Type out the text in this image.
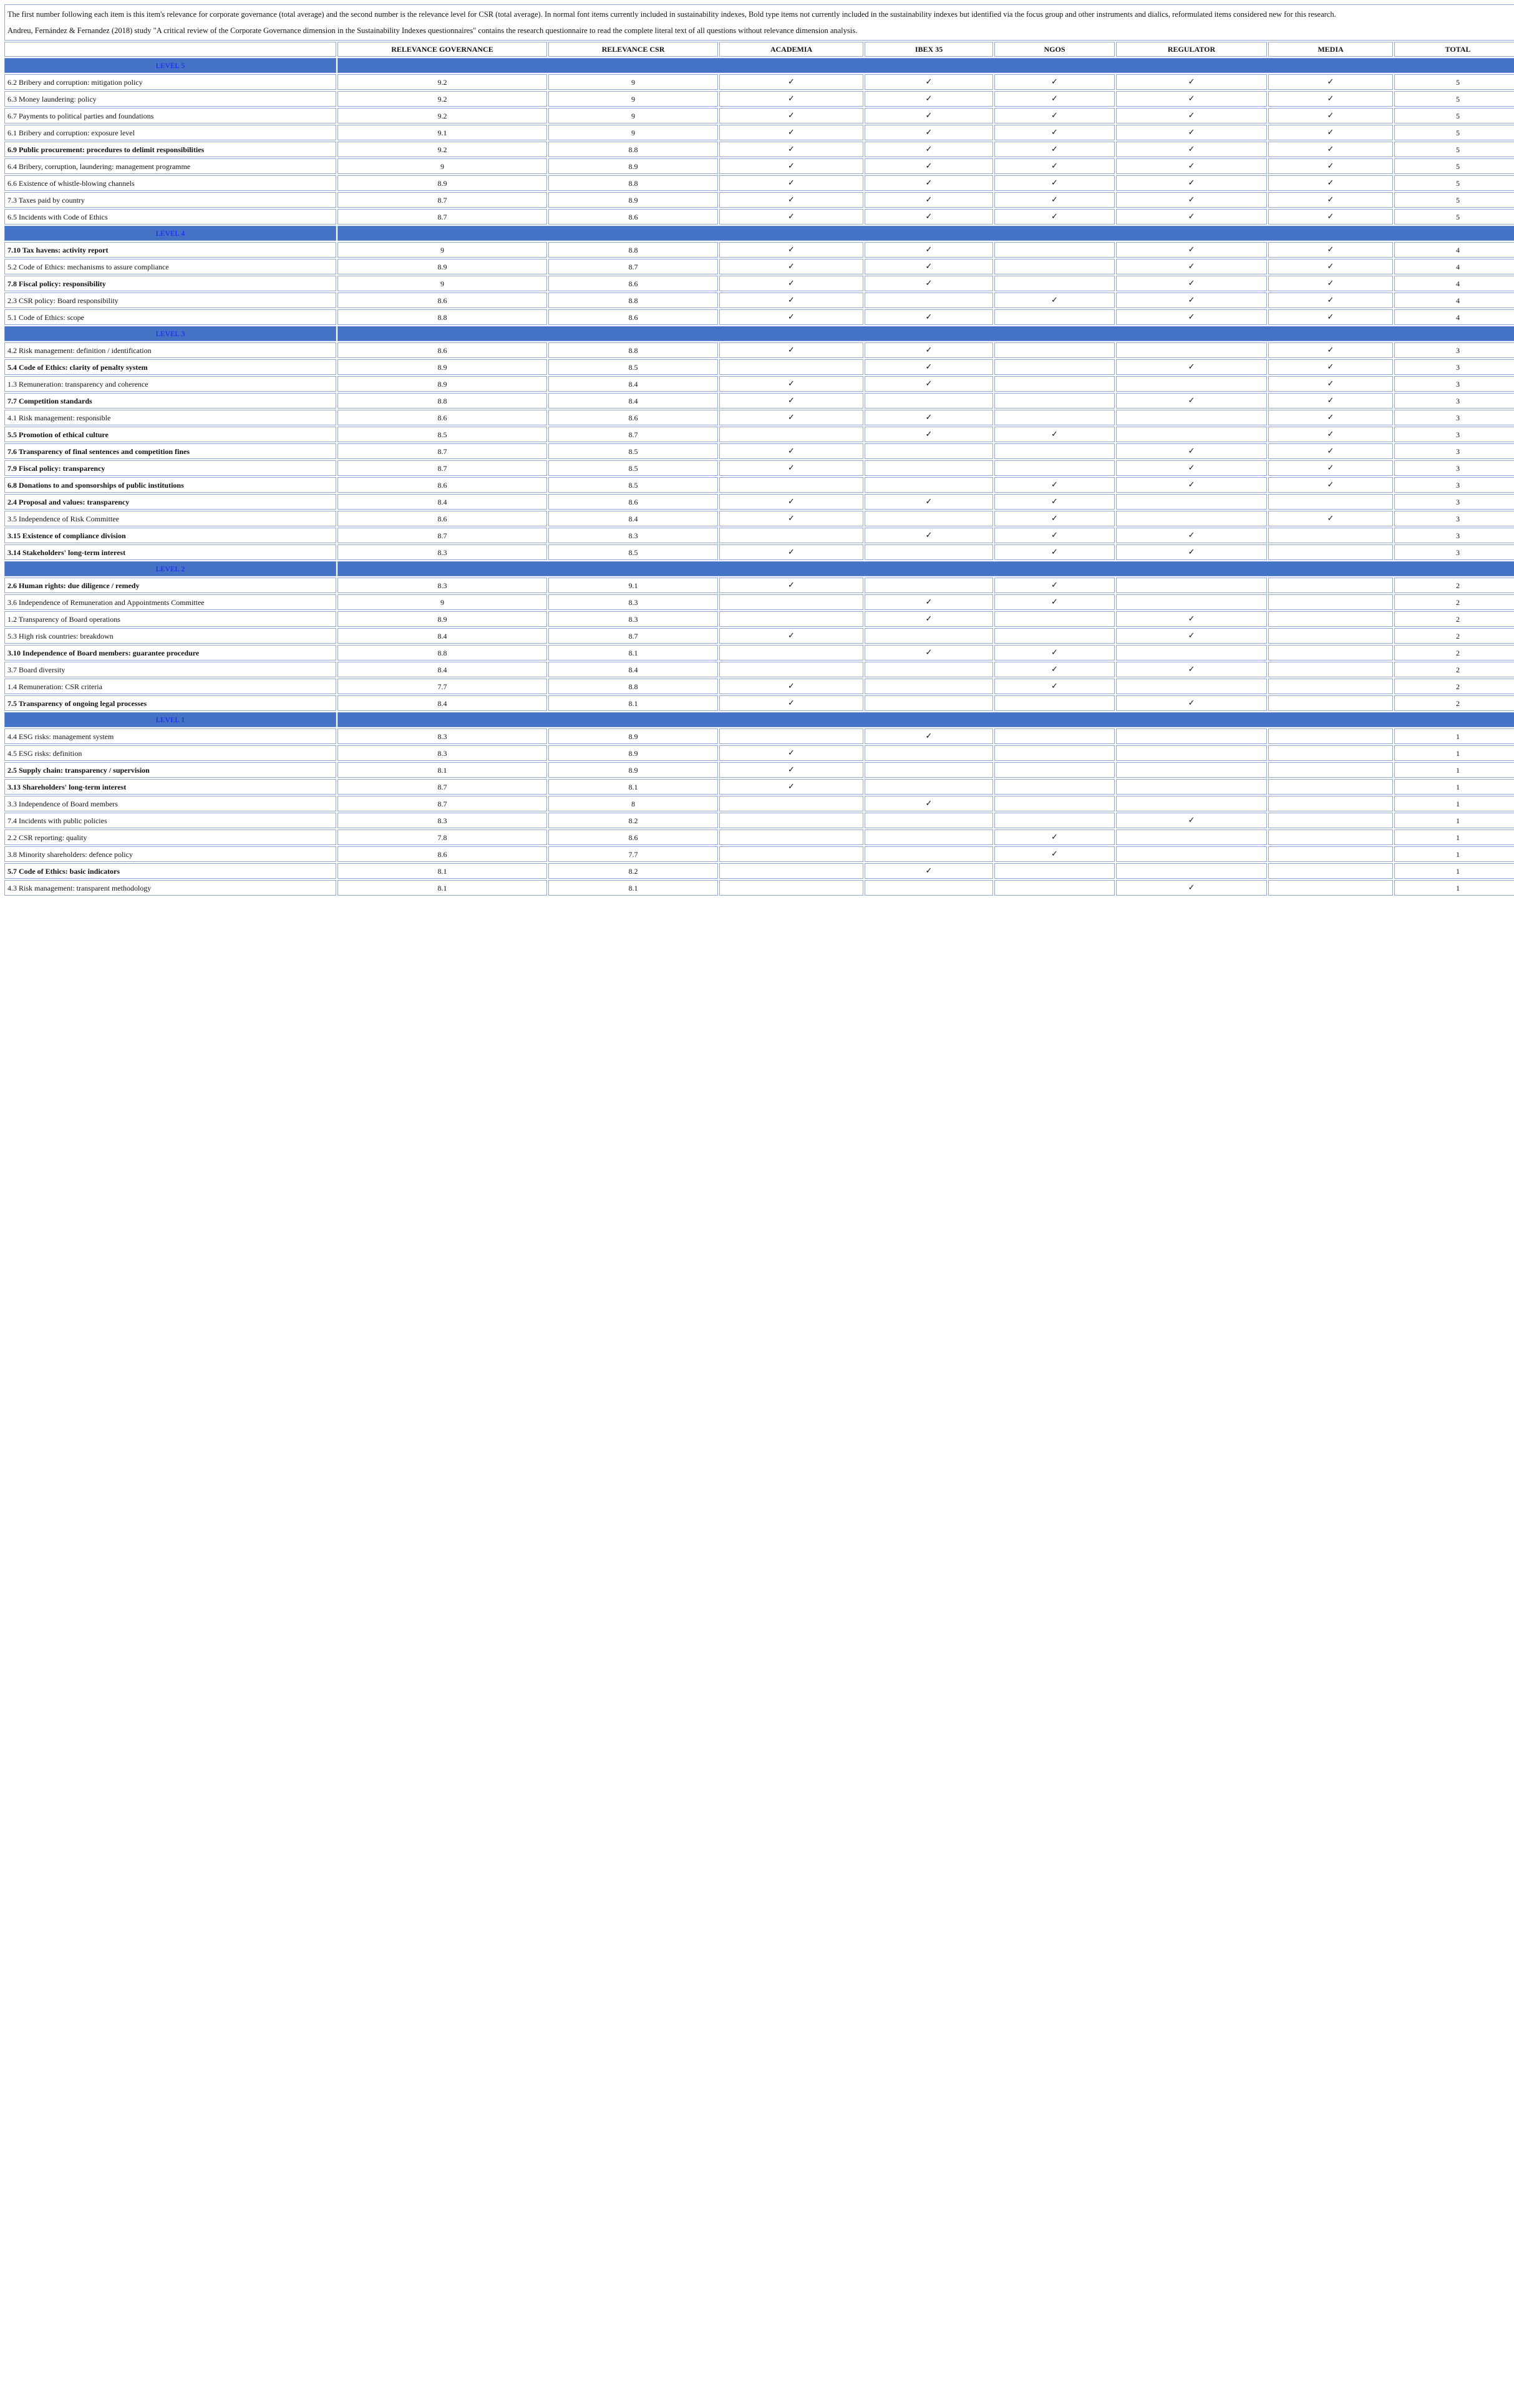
The first number following each item is this item's relevance for corporate governance (total average) and the second number is the relevance level for CSR (total average). In normal font items currently included in sustainability indexes, Bold type items not currently included in the sustainability indexes but identified via the focus group and other instruments and dialics, reformulated items considered new for this research.
Andreu, Fernández & Fernandez (2018) study "A critical review of the Corporate Governance dimension in the Sustainability Indexes questionnaires" contains the research questionnaire to read the complete literal text of all questions without relevance dimension analysis.								

	RELEVANCE GOVERNANCE	RELEVANCE CSR	ACADEMIA	IBEX 35	NGOS	REGULATOR	MEDIA	TOTAL
LEVEL 5								
6.2 Bribery and corruption: mitigation policy	9.2	9	✓	✓	✓	✓	✓	5
6.3 Money laundering: policy	9.2	9	✓	✓	✓	✓	✓	5
6.7 Payments to political parties and foundations	9.2	9	✓	✓	✓	✓	✓	5
6.1 Bribery and corruption: exposure level	9.1	9	✓	✓	✓	✓	✓	5
6.9 Public procurement: procedures to delimit responsibilities	9.2	8.8	✓	✓	✓	✓	✓	5
6.4 Bribery, corruption, laundering: management programme	9	8.9	✓	✓	✓	✓	✓	5
6.6 Existence of whistle-blowing channels	8.9	8.8	✓	✓	✓	✓	✓	5
7.3 Taxes paid by country	8.7	8.9	✓	✓	✓	✓	✓	5
6.5 Incidents with Code of Ethics	8.7	8.6	✓	✓	✓	✓	✓	5
LEVEL 4								
7.10 Tax havens: activity report	9	8.8	✓	✓		✓	✓	4
5.2 Code of Ethics: mechanisms to assure compliance	8.9	8.7	✓	✓		✓	✓	4
7.8 Fiscal policy: responsibility	9	8.6	✓	✓		✓	✓	4
2.3 CSR policy: Board responsibility	8.6	8.8	✓		✓	✓	✓	4
5.1 Code of Ethics: scope	8.8	8.6	✓	✓		✓	✓	4
LEVEL 3								
4.2 Risk management: definition / identification	8.6	8.8	✓	✓			✓	3
5.4 Code of Ethics: clarity of penalty system	8.9	8.5		✓		✓	✓	3
1.3 Remuneration: transparency and coherence	8.9	8.4	✓	✓			✓	3
7.7 Competition standards	8.8	8.4	✓			✓	✓	3
4.1 Risk management: responsible	8.6	8.6	✓	✓			✓	3
5.5 Promotion of ethical culture	8.5	8.7		✓	✓		✓	3
7.6 Transparency of final sentences and competition fines	8.7	8.5	✓			✓	✓	3
7.9 Fiscal policy: transparency	8.7	8.5	✓			✓	✓	3
6.8 Donations to and sponsorships of public institutions	8.6	8.5			✓	✓	✓	3
2.4 Proposal and values: transparency	8.4	8.6	✓	✓	✓			3
3.5 Independence of Risk Committee	8.6	8.4	✓		✓		✓	3
3.15 Existence of compliance division	8.7	8.3		✓	✓	✓		3
3.14 Stakeholders' long-term interest	8.3	8.5	✓		✓	✓		3
LEVEL 2								
2.6 Human rights: due diligence / remedy	8.3	9.1	✓		✓			2
3.6 Independence of Remuneration and Appointments Committee	9	8.3		✓	✓			2
1.2 Transparency of Board operations	8.9	8.3		✓		✓		2
5.3 High risk countries: breakdown	8.4	8.7	✓			✓		2
3.10 Independence of Board members: guarantee procedure	8.8	8.1		✓	✓			2
3.7 Board diversity	8.4	8.4			✓	✓		2
1.4 Remuneration: CSR criteria	7.7	8.8	✓		✓			2
7.5 Transparency of ongoing legal processes	8.4	8.1	✓			✓		2
LEVEL 1								
4.4 ESG risks: management system	8.3	8.9		✓				1
4.5 ESG risks: definition	8.3	8.9	✓					1
2.5 Supply chain: transparency / supervision	8.1	8.9	✓					1
3.13 Shareholders' long-term interest	8.7	8.1	✓					1
3.3 Independence of Board members	8.7	8		✓				1
7.4 Incidents with public policies	8.3	8.2				✓		1
2.2 CSR reporting: quality	7.8	8.6			✓			1
3.8 Minority shareholders: defence policy	8.6	7.7			✓			1
5.7 Code of Ethics: basic indicators	8.1	8.2		✓				1
4.3 Risk management: transparent methodology	8.1	8.1				✓		1
